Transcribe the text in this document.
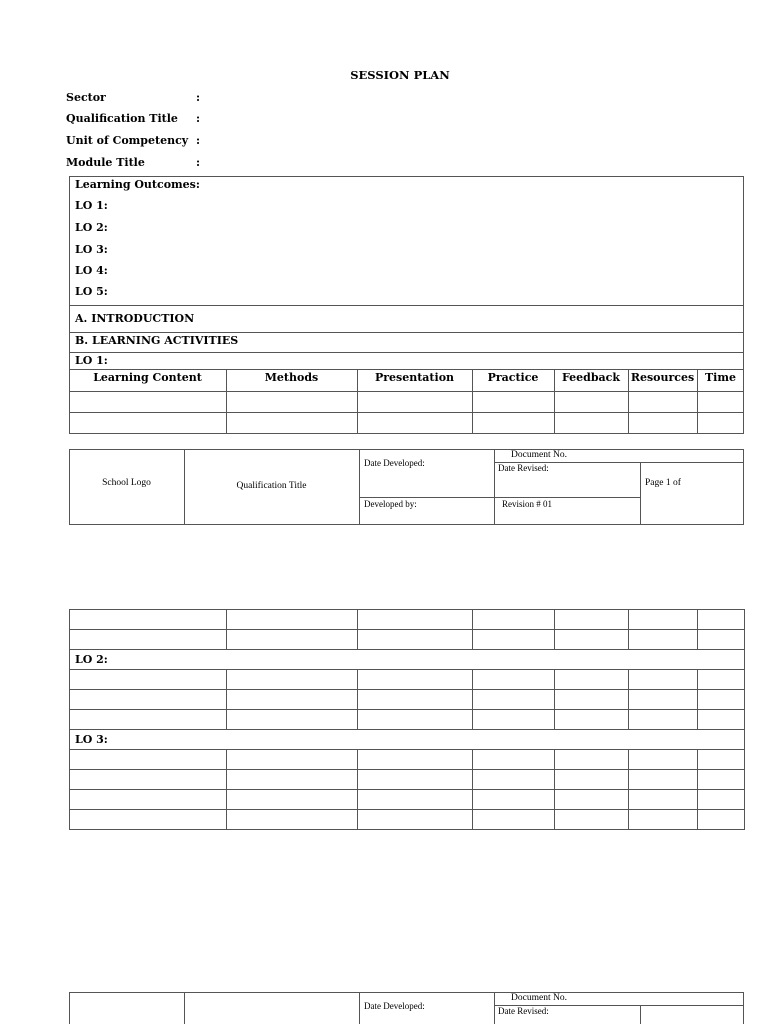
SESSION PLAN
Sector	:
Qualification Title :
Unit of Competency :
Module Title	:
Learning Outcomes:
LO 1:
LO 2:
LO 3:
LO 4:
LO 5:
A. INTRODUCTION
B. LEARNING ACTIVITIES
LO 1:
Learning Content	Methods	Presentation	Practice	Feedback Resources Time
School Logo	Qualification Title
Date Developed:
Document No.
Date Revised:
Page 1 of
Developed by:	Revision # 01

LO 2:						

LO 3:						

Date Developed:
Document No.
Date Revised:
